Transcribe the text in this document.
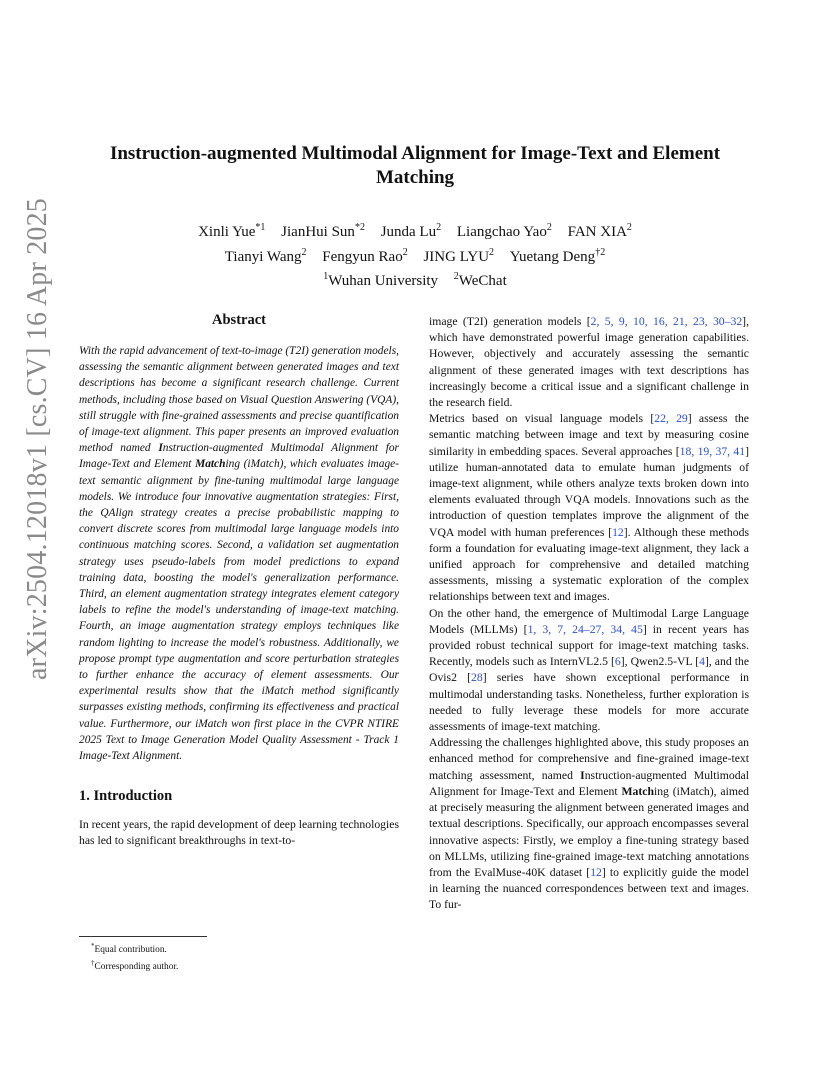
arXiv:2504.12018v1 [cs.CV] 16 Apr 2025
Instruction-augmented Multimodal Alignment for Image-Text and Element Matching
Xinli Yue$^{*1}$ JianHui Sun$^{*2}$ Junda Lu$^2$ Liangchao Yao$^2$ FAN XIA$^2$
Tianyi Wang$^2$ Fengyun Rao$^2$ JING LYU$^2$ Yuetang Deng$^{\dagger 2}$
$^1$Wuhan University $^2$WeChat
Abstract
With the rapid advancement of text-to-image (T2I) generation models, assessing the semantic alignment between generated images and text descriptions has become a significant research challenge. Current methods, including those based on Visual Question Answering (VQA), still struggle with fine-grained assessments and precise quantification of image-text alignment. This paper presents an improved evaluation method named Instruction-augmented Multimodal Alignment for Image-Text and Element Matching (iMatch), which evaluates image-text semantic alignment by fine-tuning multimodal large language models. We introduce four innovative augmentation strategies: First, the QAlign strategy creates a precise probabilistic mapping to convert discrete scores from multimodal large language models into continuous matching scores. Second, a validation set augmentation strategy uses pseudo-labels from model predictions to expand training data, boosting the model's generalization performance. Third, an element augmentation strategy integrates element category labels to refine the model's understanding of image-text matching. Fourth, an image augmentation strategy employs techniques like random lighting to increase the model's robustness. Additionally, we propose prompt type augmentation and score perturbation strategies to further enhance the accuracy of element assessments. Our experimental results show that the iMatch method significantly surpasses existing methods, confirming its effectiveness and practical value. Furthermore, our iMatch won first place in the CVPR NTIRE 2025 Text to Image Generation Model Quality Assessment - Track 1 Image-Text Alignment.
1. Introduction

In recent years, the rapid development of deep learning technologies has led to significant breakthroughs in text-to-

*Equal contribution.
†Corresponding author.

image (T2I) generation models [2, 5, 9, 10, 16, 21, 23, 30–32], which have demonstrated powerful image generation capabilities. However, objectively and accurately assessing the semantic alignment of these generated images with text descriptions has increasingly become a critical issue and a significant challenge in the research field.

Metrics based on visual language models [22, 29] assess the semantic matching between image and text by measuring cosine similarity in embedding spaces. Several approaches [18, 19, 37, 41] utilize human-annotated data to emulate human judgments of image-text alignment, while others analyze texts broken down into elements evaluated through VQA models. Innovations such as the introduction of question templates improve the alignment of the VQA model with human preferences [12]. Although these methods form a foundation for evaluating image-text alignment, they lack a unified approach for comprehensive and detailed matching assessments, missing a systematic exploration of the complex relationships between text and images.

On the other hand, the emergence of Multimodal Large Language Models (MLLMs) [1, 3, 7, 24–27, 34, 45] in recent years has provided robust technical support for image-text matching tasks. Recently, models such as InternVL2.5 [6], Qwen2.5-VL [4], and the Ovis2 [28] series have shown exceptional performance in multimodal understanding tasks. Nonetheless, further exploration is needed to fully leverage these models for more accurate assessments of image-text matching.

Addressing the challenges highlighted above, this study proposes an enhanced method for comprehensive and fine-grained image-text matching assessment, named Instruction-augmented Multimodal Alignment for Image-Text and Element Matching (iMatch), aimed at precisely measuring the alignment between generated images and textual descriptions. Specifically, our approach encompasses several innovative aspects: Firstly, we employ a fine-tuning strategy based on MLLMs, utilizing fine-grained image-text matching annotations from the EvalMuse-40K dataset [12] to explicitly guide the model in learning the nuanced correspondences between text and images. To fur-
